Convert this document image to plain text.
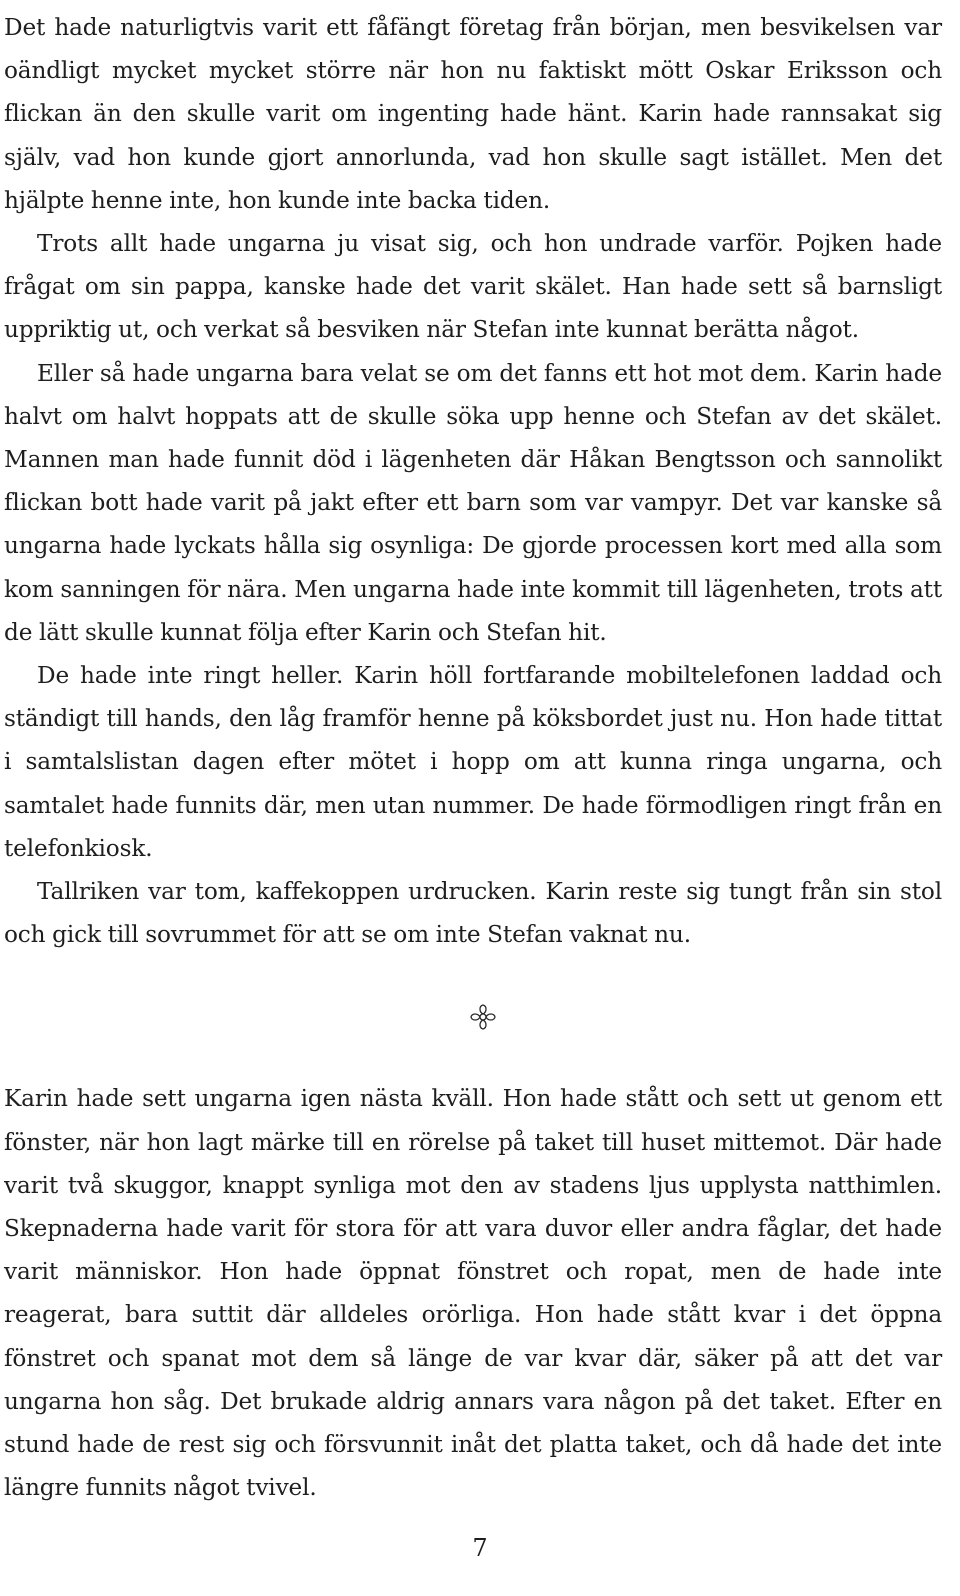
Det hade naturligtvis varit ett fåfängt företag från början, men besvikelsen var oändligt mycket mycket större när hon nu faktiskt mött Oskar Eriksson och flickan än den skulle varit om ingenting hade hänt. Karin hade rannsakat sig själv, vad hon kunde gjort annorlunda, vad hon skulle sagt istället. Men det hjälpte henne inte, hon kunde inte backa tiden.

Trots allt hade ungarna ju visat sig, och hon undrade varför. Pojken hade frågat om sin pappa, kanske hade det varit skälet. Han hade sett så barnsligt uppriktig ut, och verkat så besviken när Stefan inte kunnat berätta något.

Eller så hade ungarna bara velat se om det fanns ett hot mot dem. Karin hade halvt om halvt hoppats att de skulle söka upp henne och Stefan av det skälet. Mannen man hade funnit död i lägenheten där Håkan Bengtsson och sannolikt flickan bott hade varit på jakt efter ett barn som var vampyr. Det var kanske så ungarna hade lyckats hålla sig osynliga: De gjorde processen kort med alla som kom sanningen för nära. Men ungarna hade inte kommit till lägenheten, trots att de lätt skulle kunnat följa efter Karin och Stefan hit.

De hade inte ringt heller. Karin höll fortfarande mobiltelefonen laddad och ständigt till hands, den låg framför henne på köksbordet just nu. Hon hade tittat i samtalslistan dagen efter mötet i hopp om att kunna ringa ungarna, och samtalet hade funnits där, men utan nummer. De hade förmodligen ringt från en telefonkiosk.

Tallriken var tom, kaffekoppen urdrucken. Karin reste sig tungt från sin stol och gick till sovrummet för att se om inte Stefan vaknat nu.

Karin hade sett ungarna igen nästa kväll. Hon hade stått och sett ut genom ett fönster, när hon lagt märke till en rörelse på taket till huset mittemot. Där hade varit två skuggor, knappt synliga mot den av stadens ljus upplysta natthimlen. Skepnaderna hade varit för stora för att vara duvor eller andra fåglar, det hade varit människor. Hon hade öppnat fönstret och ropat, men de hade inte reagerat, bara suttit där alldeles orörliga. Hon hade stått kvar i det öppna fönstret och spanat mot dem så länge de var kvar där, säker på att det var ungarna hon såg. Det brukade aldrig annars vara någon på det taket. Efter en stund hade de rest sig och försvunnit inåt det platta taket, och då hade det inte längre funnits något tvivel.

7
